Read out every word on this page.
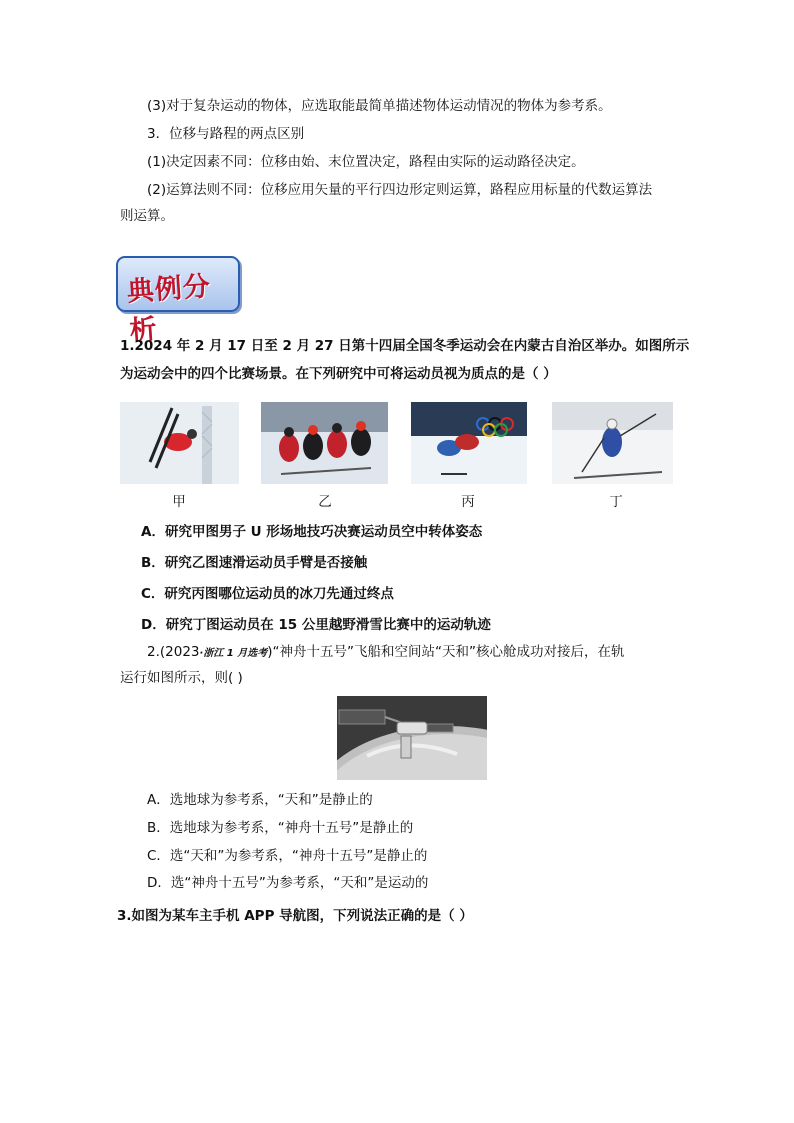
(3)对于复杂运动的物体，应选取能最简单描述物体运动情况的物体为参考系。
3．位移与路程的两点区别
(1)决定因素不同：位移由始、末位置决定，路程由实际的运动路径决定。
(2)运算法则不同：位移应用矢量的平行四边形定则运算，路程应用标量的代数运算法
则运算。
典例分析
1.2024 年 2 月 17 日至 2 月 27 日第十四届全国冬季运动会在内蒙古自治区举办。如图所示
为运动会中的四个比赛场景。在下列研究中可将运动员视为质点的是（ ）
甲	乙	丙	丁
A．研究甲图男子 U 形场地技巧决赛运动员空中转体姿态
B．研究乙图速滑运动员手臂是否接触
C．研究丙图哪位运动员的冰刀先通过终点
D．研究丁图运动员在 15 公里越野滑雪比赛中的运动轨迹
2.(2023·浙江 1 月选考)“神舟十五号”飞船和空间站“天和”核心舱成功对接后，在轨
运行如图所示，则( )
A．选地球为参考系，“天和”是静止的
B．选地球为参考系，“神舟十五号”是静止的
C．选“天和”为参考系，“神舟十五号”是静止的
D．选“神舟十五号”为参考系，“天和”是运动的
3.如图为某车主手机 APP 导航图，下列说法正确的是（ ）
